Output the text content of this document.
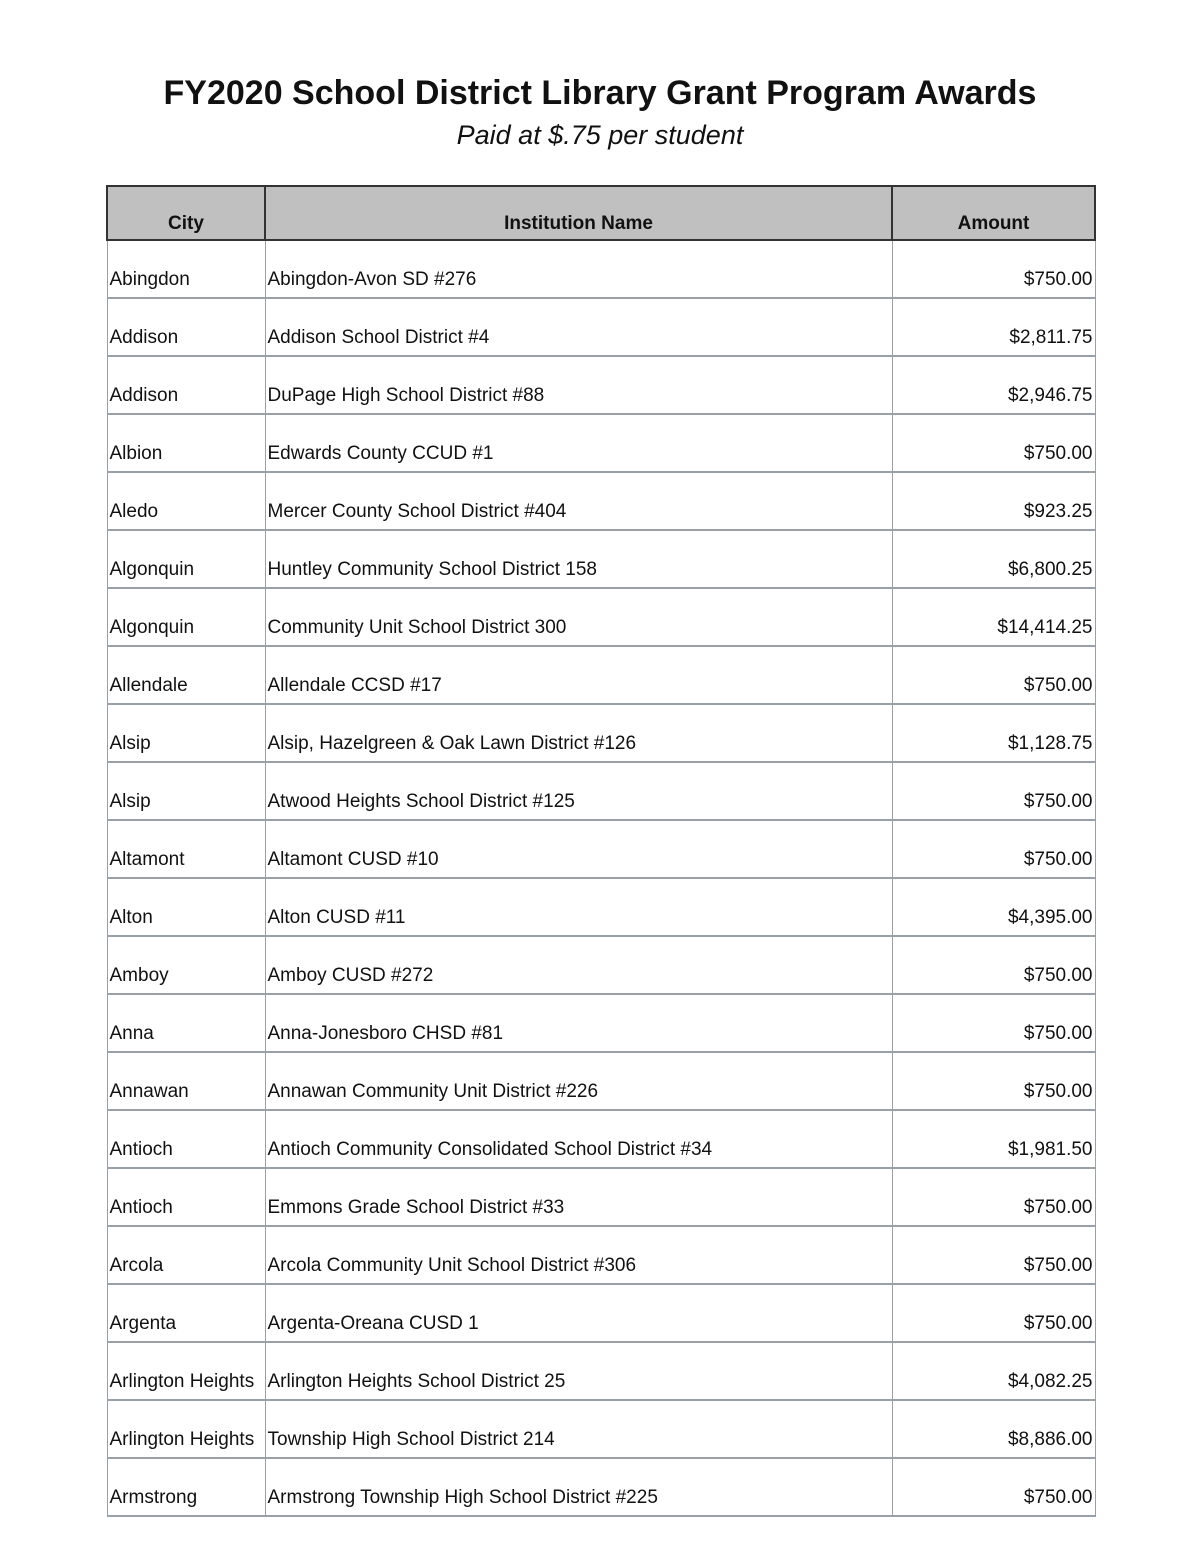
FY2020 School District Library Grant Program Awards
Paid at $.75 per student
City	Institution Name	Amount
Abingdon	Abingdon-Avon SD #276	$750.00
Addison	Addison School District #4	$2,811.75
Addison	DuPage High School District #88	$2,946.75
Albion	Edwards County CCUD #1	$750.00
Aledo	Mercer County School District #404	$923.25
Algonquin	Huntley Community School District 158	$6,800.25
Algonquin	Community Unit School District 300	$14,414.25
Allendale	Allendale CCSD #17	$750.00
Alsip	Alsip, Hazelgreen & Oak Lawn District #126	$1,128.75
Alsip	Atwood Heights School District #125	$750.00
Altamont	Altamont CUSD #10	$750.00
Alton	Alton CUSD #11	$4,395.00
Amboy	Amboy CUSD #272	$750.00
Anna	Anna-Jonesboro CHSD #81	$750.00
Annawan	Annawan Community Unit District #226	$750.00
Antioch	Antioch Community Consolidated School District #34	$1,981.50
Antioch	Emmons Grade School District #33	$750.00
Arcola	Arcola Community Unit School District #306	$750.00
Argenta	Argenta-Oreana CUSD 1	$750.00
Arlington Heights	Arlington Heights School District 25	$4,082.25
Arlington Heights	Township High School District 214	$8,886.00
Armstrong	Armstrong Township High School District #225	$750.00
